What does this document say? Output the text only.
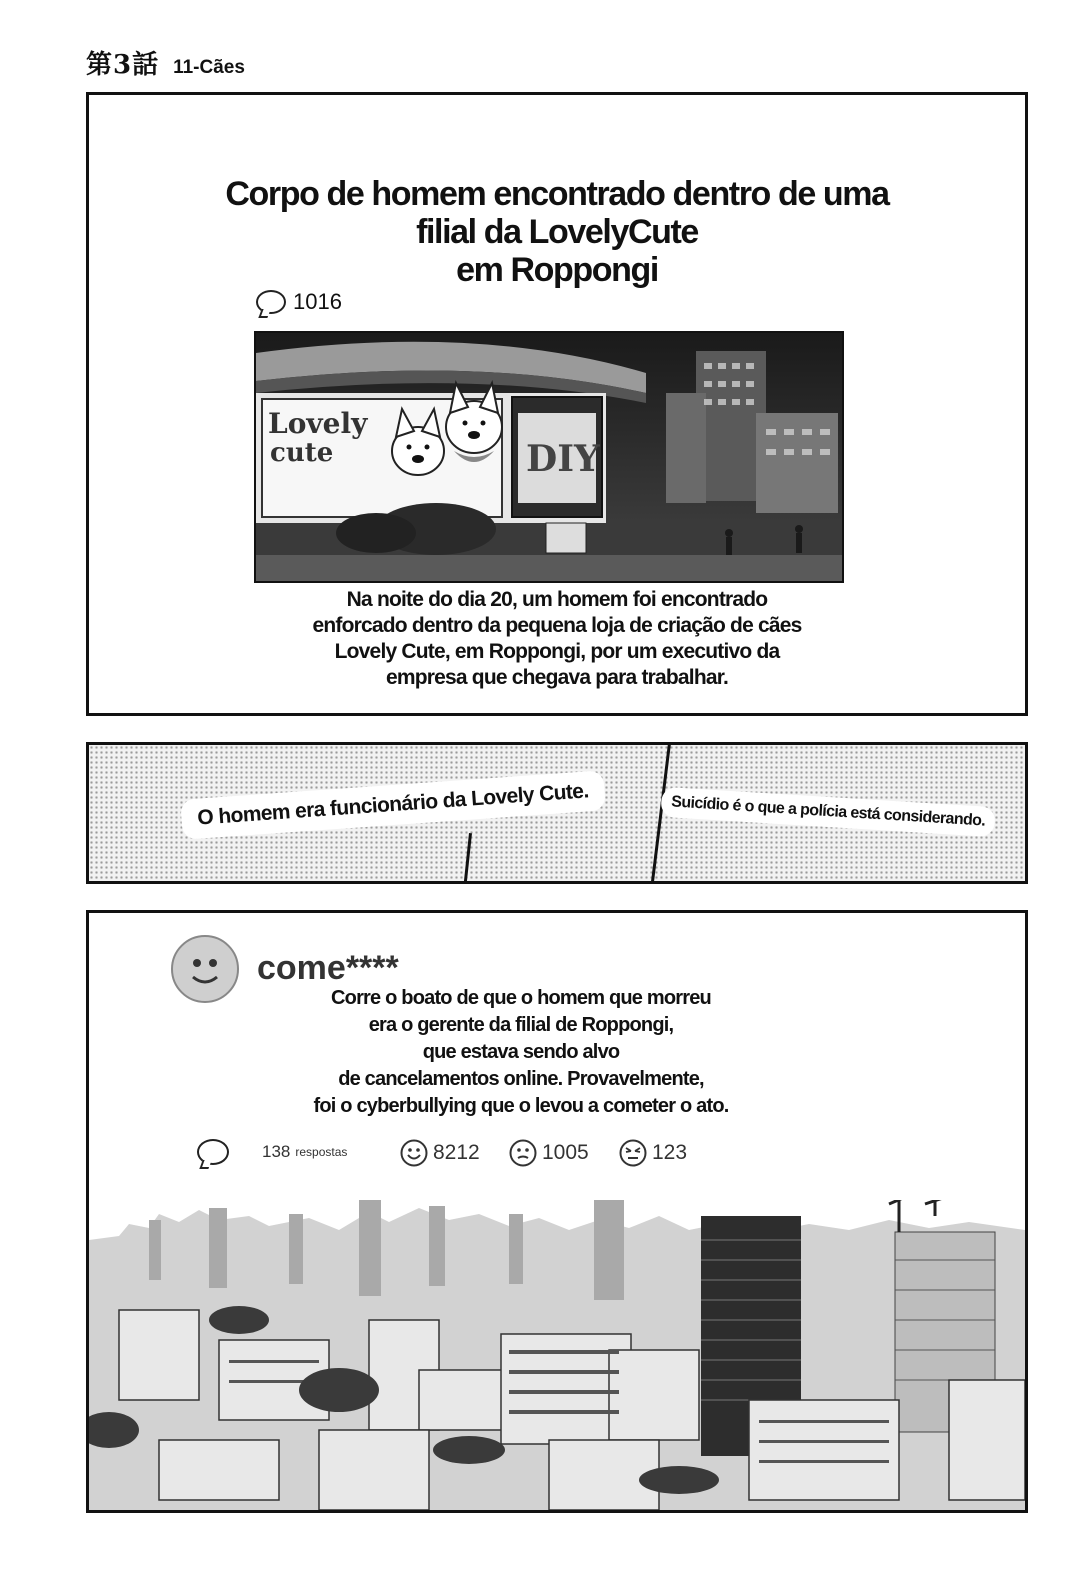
第3話 11-Cães
Corpo de homem encontrado dentro de uma
filial da LovelyCute
em Roppongi
1016
Lovely
cute	DIY
Na noite do dia 20, um homem foi encontrado
enforcado dentro da pequena loja de criação de cães
Lovely Cute, em Roppongi, por um executivo da
empresa que chegava para trabalhar.
O homem era funcionário da Lovely Cute.	Suicídio é o que a polícia está considerando.
come****
Corre o boato de que o homem que morreu
era o gerente da filial de Roppongi,
que estava sendo alvo
de cancelamentos online. Provavelmente,
foi o cyberbullying que o levou a cometer o ato.
138 respostas	8212	1005	123
